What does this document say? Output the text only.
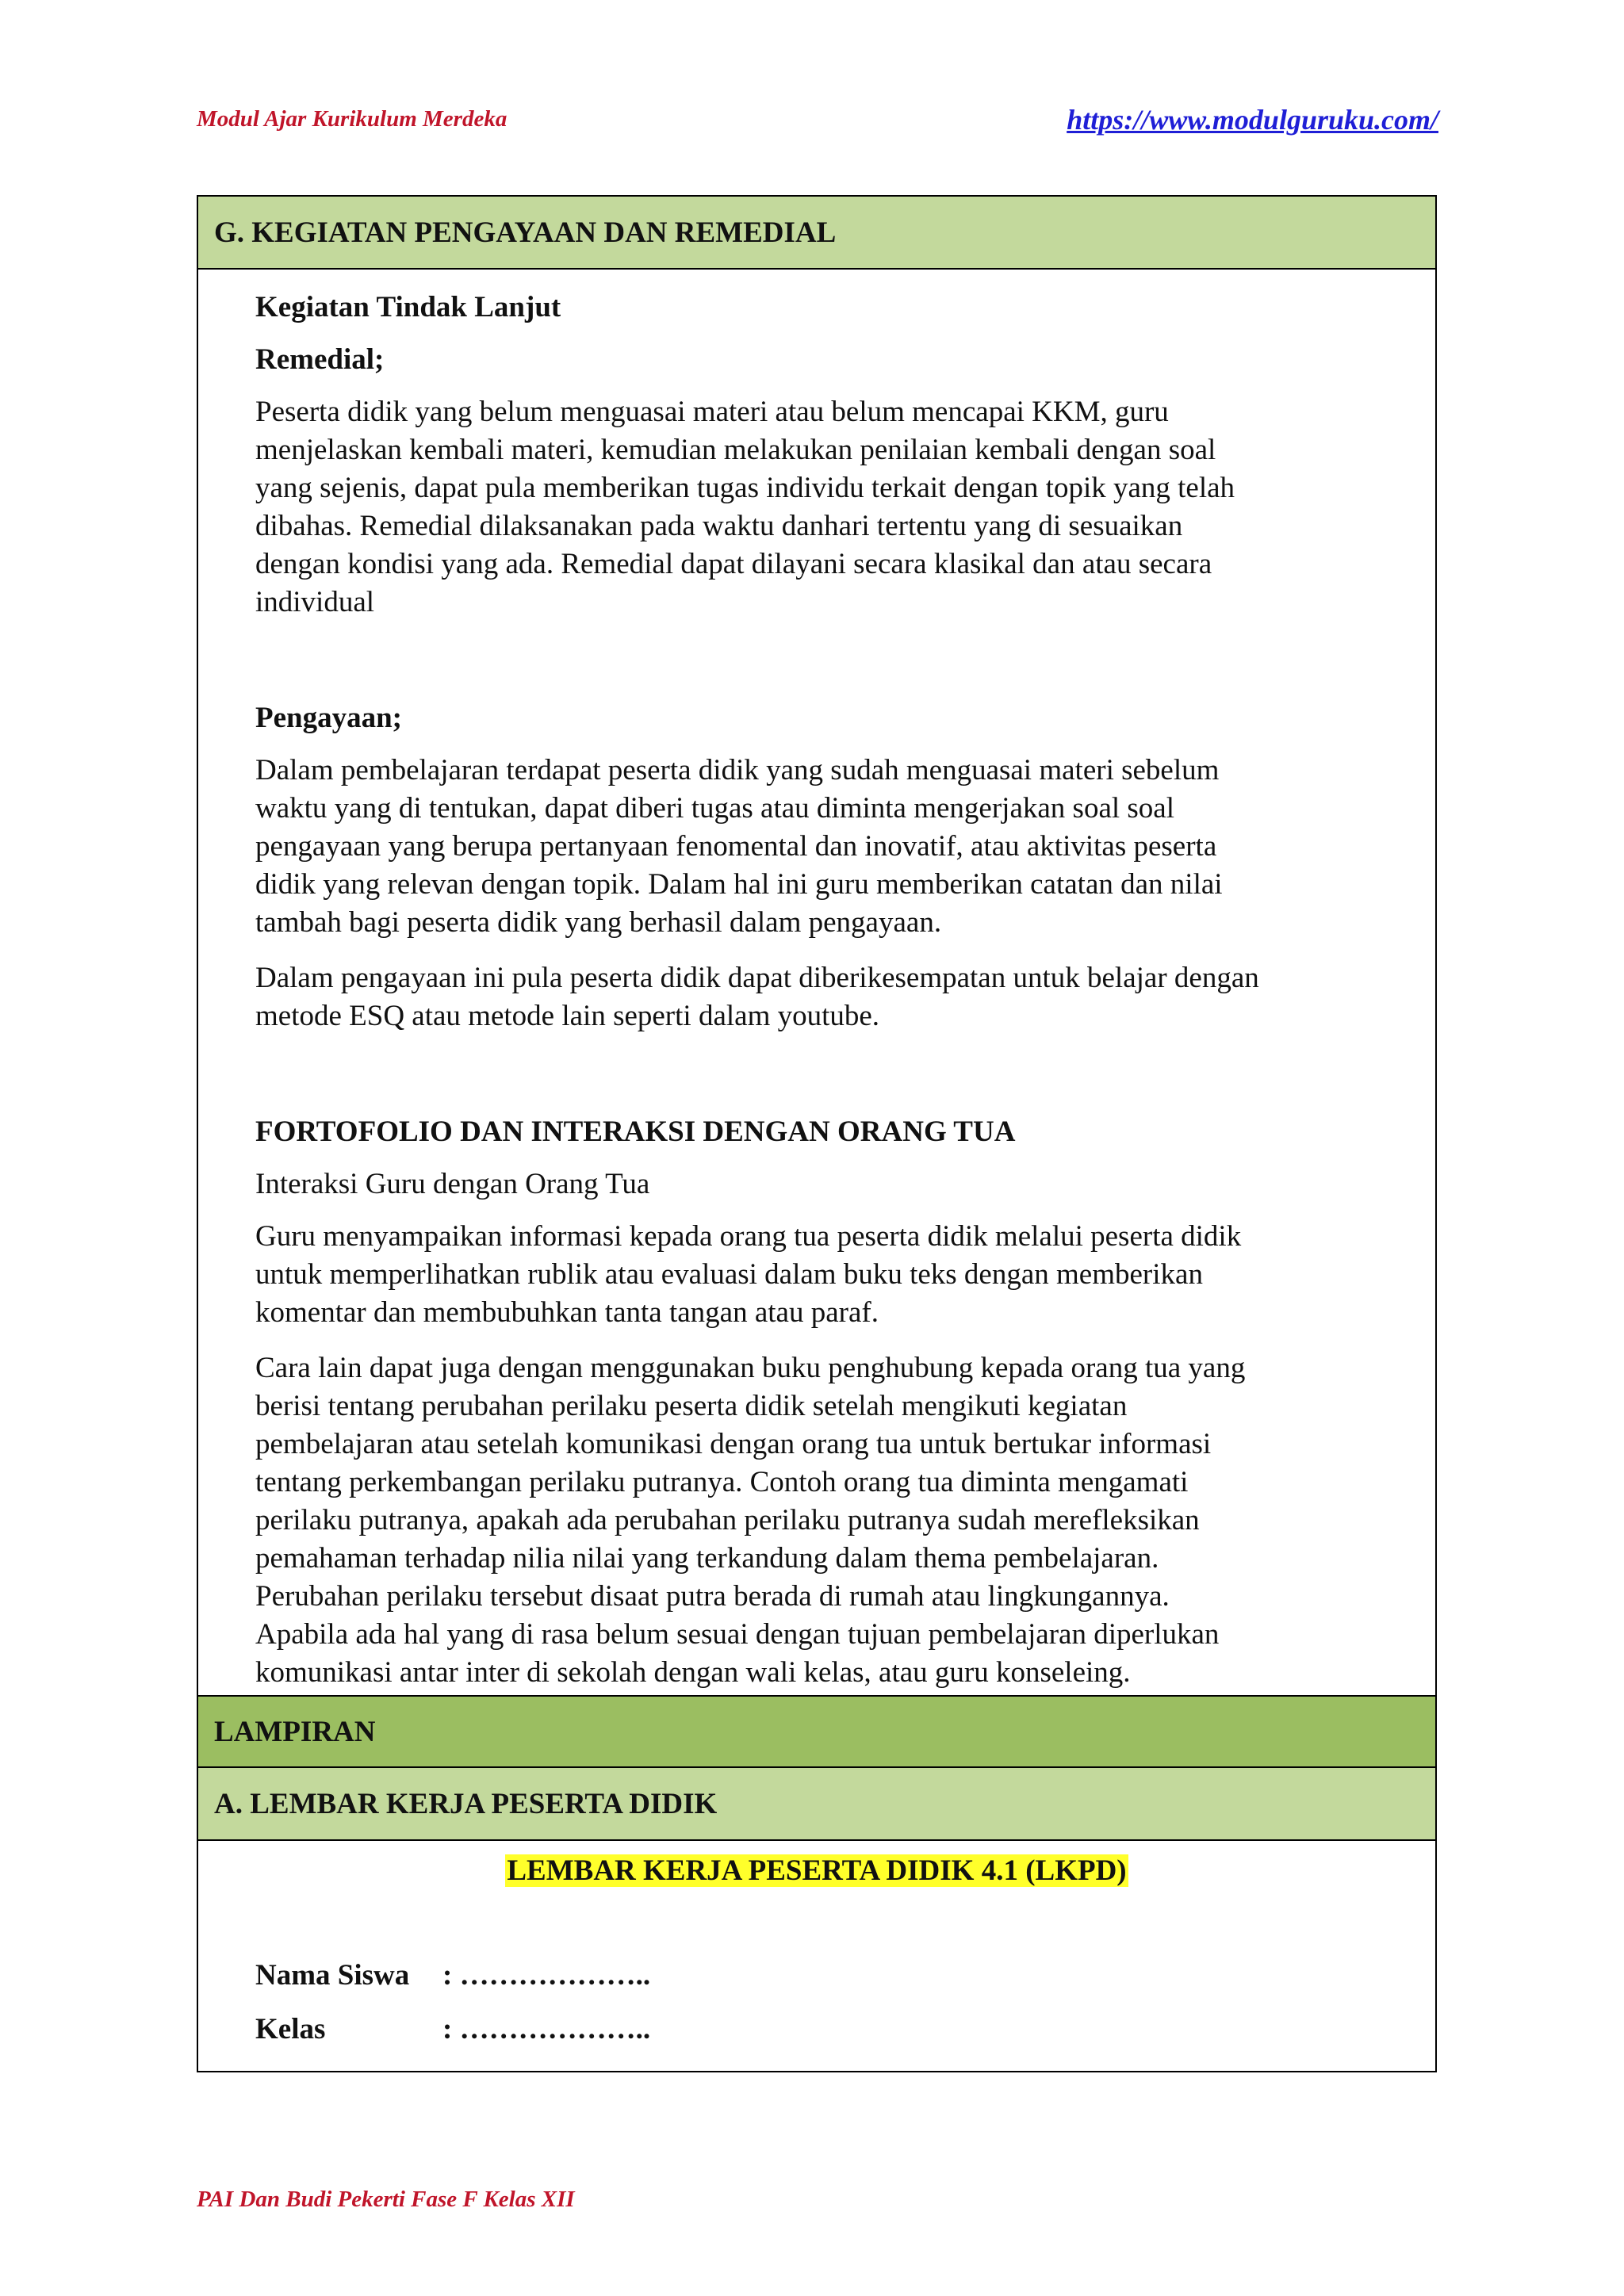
Modul Ajar Kurikulum Merdeka	https://www.modulguruku.com/
G. KEGIATAN PENGAYAAN DAN REMEDIAL

Kegiatan Tindak Lanjut

Remedial;

Peserta didik yang belum menguasai materi atau belum mencapai KKM, guru

menjelaskan kembali materi, kemudian melakukan penilaian kembali dengan soal

yang sejenis, dapat pula memberikan tugas individu terkait dengan topik yang telah

dibahas. Remedial dilaksanakan pada waktu danhari tertentu yang di sesuaikan

dengan kondisi yang ada. Remedial dapat dilayani secara klasikal dan atau secara

individual

Pengayaan;

Dalam pembelajaran terdapat peserta didik yang sudah menguasai materi sebelum

waktu yang di tentukan, dapat diberi tugas atau diminta mengerjakan soal soal

pengayaan yang berupa pertanyaan fenomental dan inovatif, atau aktivitas peserta

didik yang relevan dengan topik. Dalam hal ini guru memberikan catatan dan nilai

tambah bagi peserta didik yang berhasil dalam pengayaan.

Dalam pengayaan ini pula peserta didik dapat diberikesempatan untuk belajar dengan

metode ESQ atau metode lain seperti dalam youtube.

FORTOFOLIO DAN INTERAKSI DENGAN ORANG TUA

Interaksi Guru dengan Orang Tua

Guru menyampaikan informasi kepada orang tua peserta didik melalui peserta didik

untuk memperlihatkan rublik atau evaluasi dalam buku teks dengan memberikan

komentar dan membubuhkan tanta tangan atau paraf.

Cara lain dapat juga dengan menggunakan buku penghubung kepada orang tua yang

berisi tentang perubahan perilaku peserta didik setelah mengikuti kegiatan

pembelajaran atau setelah komunikasi dengan orang tua untuk bertukar informasi

tentang perkembangan perilaku putranya. Contoh orang tua diminta mengamati

perilaku putranya, apakah ada perubahan perilaku putranya sudah merefleksikan

pemahaman terhadap nilia nilai yang terkandung dalam thema pembelajaran.

Perubahan perilaku tersebut disaat putra berada di rumah atau lingkungannya.

Apabila ada hal yang di rasa belum sesuai dengan tujuan pembelajaran diperlukan

komunikasi antar inter di sekolah dengan wali kelas, atau guru konseleing.

LAMPIRAN
A. LEMBAR KERJA PESERTA DIDIK
LEMBAR KERJA PESERTA DIDIK 4.1 (LKPD)
Nama Siswa	: ………………..
Kelas	: ………………..
PAI Dan Budi Pekerti Fase F Kelas XII
